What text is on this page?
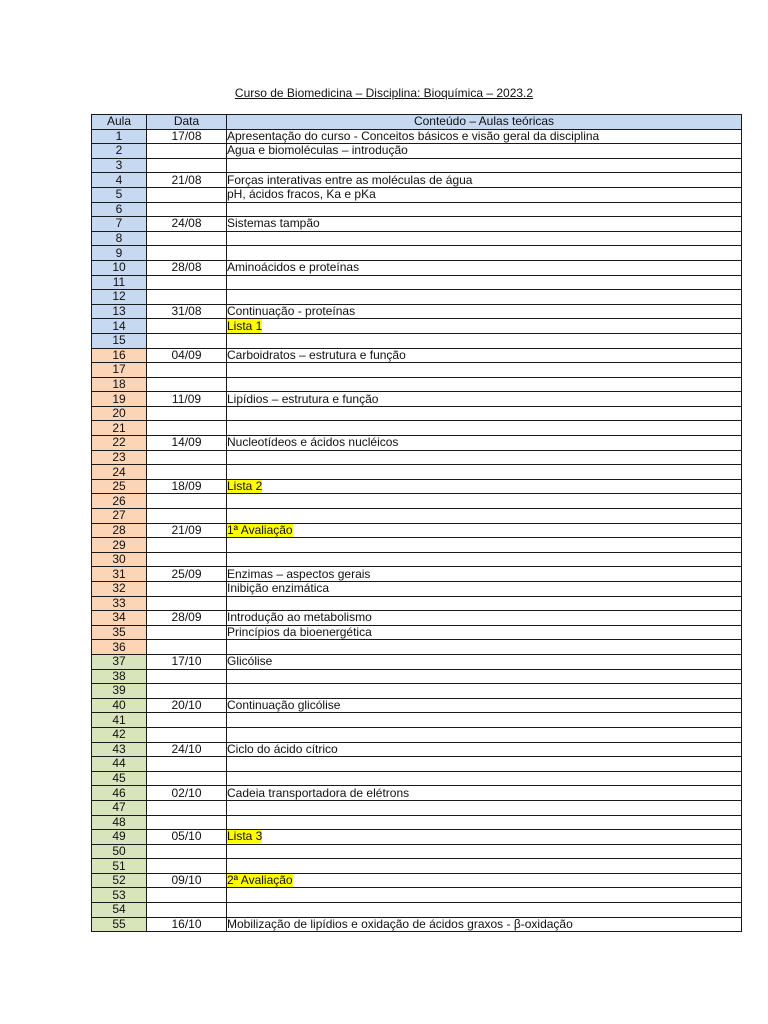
Curso de Biomedicina – Disciplina: Bioquímica – 2023.2
Aula	Data	Conteúdo – Aulas teóricas
1	17/08	Apresentação do curso - Conceitos básicos e visão geral da disciplina
2		Agua e biomoléculas – introdução
3		
4	21/08	Forças interativas entre as moléculas de água
5		pH, ácidos fracos, Ka e pKa
6		
7	24/08	Sistemas tampão
8		
9		
10	28/08	Aminoácidos e proteínas
11		
12		
13	31/08	Continuação - proteínas
14		Lista 1
15		
16	04/09	Carboidratos – estrutura e função
17		
18		
19	11/09	Lipídios – estrutura e função
20		
21		
22	14/09	Nucleotídeos e ácidos nucléicos
23		
24		
25	18/09	Lista 2
26		
27		
28	21/09	1ª Avaliação
29		
30		
31	25/09	Enzimas – aspectos gerais
32		Inibição enzimática
33		
34	28/09	Introdução ao metabolismo
35		Princípios da bioenergética
36		
37	17/10	Glicólise
38		
39		
40	20/10	Continuação glicólise
41		
42		
43	24/10	Ciclo do ácido cítrico
44		
45		
46	02/10	Cadeia transportadora de elétrons
47		
48		
49	05/10	Lista 3
50		
51		
52	09/10	2ª Avaliação
53		
54		
55	16/10	Mobilização de lipídios e oxidação de ácidos graxos - β-oxidação
